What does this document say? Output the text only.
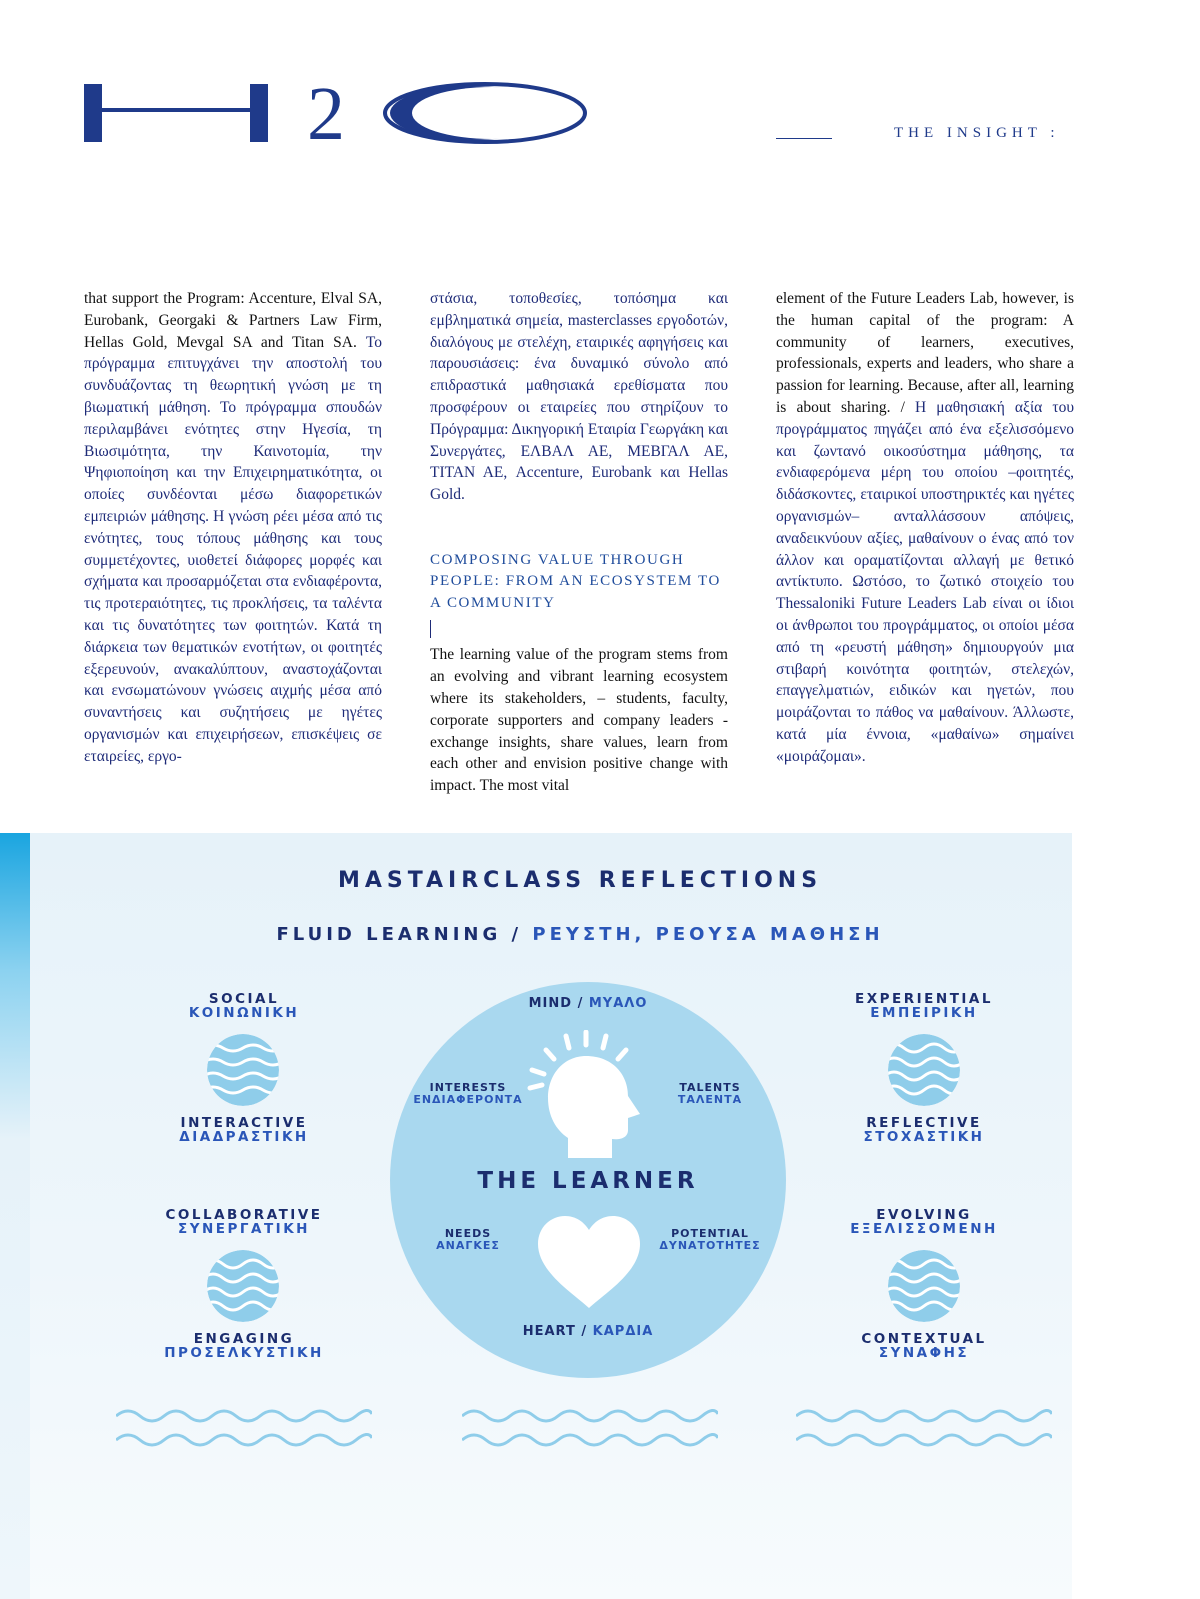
2	THE INSIGHT :

that support the Program: Accenture, Elval SA, Eurobank, Georgaki & Partners Law Firm, Hellas Gold, Mevgal SA and Titan SA. Το πρόγραμμα επιτυγχάνει την αποστολή του συνδυάζοντας τη θεωρητική γνώση με τη βιωματική μάθηση. Το πρόγραμμα σπουδών περιλαμβάνει ενότητες στην Ηγεσία, τη Βιωσιμότητα, την Καινοτομία, την Ψηφιοποίηση και την Επιχειρηματικότητα, οι οποίες συνδέονται μέσω διαφορετικών εμπειριών μάθησης. Η γνώση ρέει μέσα από τις ενότητες, τους τόπους μάθησης και τους συμμετέχοντες, υιοθετεί διάφορες μορφές και σχήματα και προσαρμόζεται στα ενδιαφέροντα, τις προτεραιότητες, τις προκλήσεις, τα ταλέντα και τις δυνατότητες των φοιτητών. Κατά τη διάρκεια των θεματικών ενοτήτων, οι φοιτητές εξερευνούν, ανακαλύπτουν, αναστοχάζονται και ενσωματώνουν γνώσεις αιχμής μέσα από συναντήσεις και συζητήσεις με ηγέτες οργανισμών και επιχειρήσεων, επισκέψεις σε εταιρείες, εργο-

στάσια, τοποθεσίες, τοπόσημα και εμβληματικά σημεία, masterclasses εργοδοτών, διαλόγους με στελέχη, εταιρικές αφηγήσεις και παρουσιάσεις: ένα δυναμικό σύνολο από επιδραστικά μαθησιακά ερεθίσματα που προσφέρουν οι εταιρείες που στηρίζουν το Πρόγραμμα: Δικηγορική Εταιρία Γεωργάκη και Συνεργάτες, ΕΛΒΑΛ ΑΕ, ΜΕΒΓΑΛ ΑΕ, ΤΙΤΑΝ ΑΕ, Accenture, Eurobank και Hellas Gold.

COMPOSING VALUE THROUGH PEOPLE: FROM AN ECOSYSTEM TO A COMMUNITY

The learning value of the program stems from an evolving and vibrant learning ecosystem where its stakeholders, – students, faculty, corporate supporters and company leaders - exchange insights, share values, learn from each other and envision positive change with impact. The most vital

element of the Future Leaders Lab, however, is the human capital of the program: A community of learners, executives, professionals, experts and leaders, who share a passion for learning. Because, after all, learning is about sharing. / Η μαθησιακή αξία του προγράμματος πηγάζει από ένα εξελισσόμενο και ζωντανό οικοσύστημα μάθησης, τα ενδιαφερόμενα μέρη του οποίου –φοιτητές, διδάσκοντες, εταιρικοί υποστηρικτές και ηγέτες οργανισμών– ανταλλάσσουν απόψεις, αναδεικνύουν αξίες, μαθαίνουν ο ένας από τον άλλον και οραματίζονται αλλαγή με θετικό αντίκτυπο. Ωστόσο, το ζωτικό στοιχείο του Thessaloniki Future Leaders Lab είναι οι ίδιοι οι άνθρωποι του προγράμματος, οι οποίοι μέσα από τη «ρευστή μάθηση» δημιουργούν μια στιβαρή κοινότητα φοιτητών, στελεχών, επαγγελματιών, ειδικών και ηγετών, που μοιράζονται το πάθος να μαθαίνουν. Άλλωστε, κατά μία έννοια, «μαθαίνω» σημαίνει «μοιράζομαι».

MASTAIRCLASS REFLECTIONS
FLUID LEARNING / ΡΕΥΣΤΗ, ΡΕΟΥΣΑ ΜΑΘΗΣΗ
MIND / ΜΥΑΛΟ
INTERESTS
ΕΝΔΙΑΦΕΡΟΝΤΑ
TALENTS
ΤΑΛΕΝΤΑ
THE LEARNER
NEEDS
ΑΝΑΓΚΕΣ
POTENTIAL
ΔΥΝΑΤΟΤΗΤΕΣ
HEART / ΚΑΡΔΙΑ
SOCIAL
ΚΟΙΝΩΝΙΚΗ
INTERACTIVE
ΔΙΑΔΡΑΣΤΙΚΗ
COLLABORATIVE
ΣΥΝΕΡΓΑΤΙΚΗ
ENGAGING
ΠΡΟΣΕΛΚΥΣΤΙΚΗ
EXPERIENTIAL
ΕΜΠΕΙΡΙΚΗ
REFLECTIVE
ΣΤΟΧΑΣΤΙΚΗ
EVOLVING
ΕΞΕΛΙΣΣΟΜΕΝΗ
CONTEXTUAL
ΣΥΝΑΦΗΣ
